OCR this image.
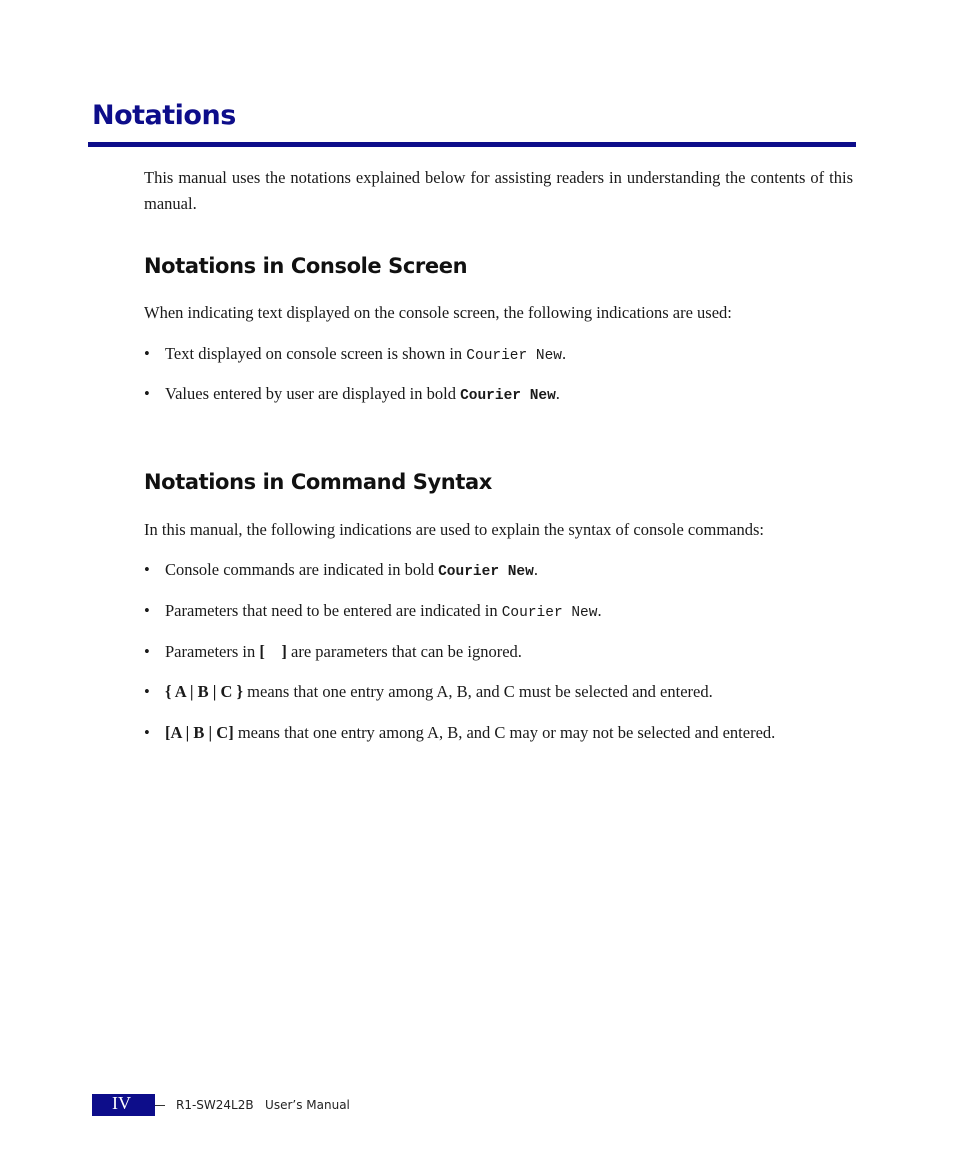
Notations

This manual uses the notations explained below for assisting readers in understanding the contents of this manual.

Notations in Console Screen

When indicating text displayed on the console screen, the following indications are used:

• Text displayed on console screen is shown in Courier New.
• Values entered by user are displayed in bold Courier New.
Notations in Command Syntax

In this manual, the following indications are used to explain the syntax of console commands:

• Console commands are indicated in bold Courier New.
• Parameters that need to be entered are indicated in Courier New.
• Parameters in [    ] are parameters that can be ignored.
• { A | B | C } means that one entry among A, B, and C must be selected and entered.
• [A | B | C] means that one entry among A, B, and C may or may not be selected and entered.
IV	R1-SW24L2B   User’s Manual
